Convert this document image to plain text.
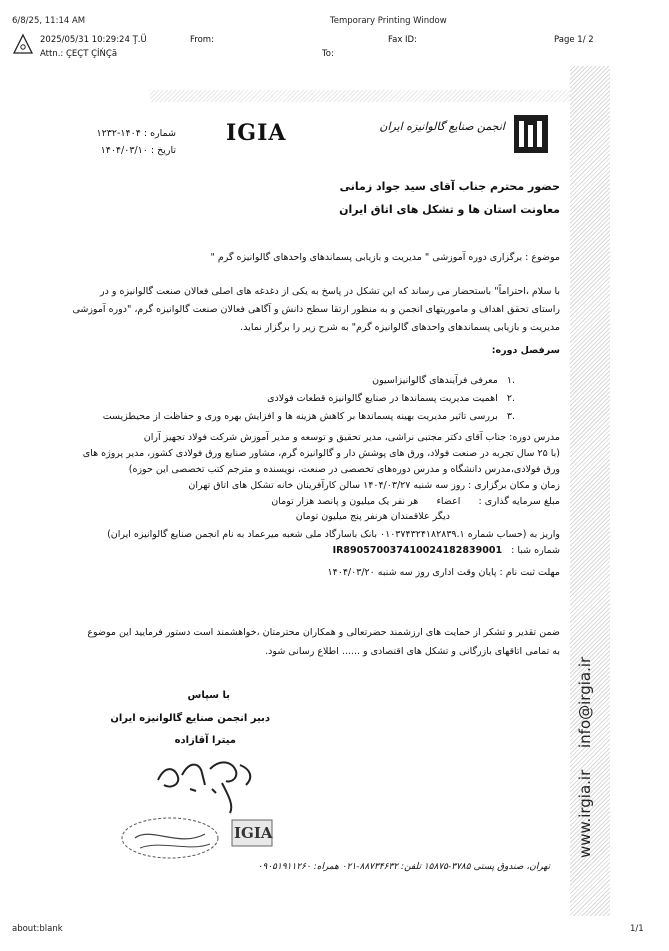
6/8/25, 11:14 AM	Temporary Printing Window
2025/05/31 10:29:24 Ţ.Ü	From:	Fax ID:	Page 1/ 2
Attn.: ÇEÇT ÇİŃÇă	To:
info@irgia.ir
www.irgia.ir
انجمن صنایع گالوانیزه ایران
IGIA
شماره : ۱۴۰۴-۱۲۳۲
تاریخ : ۱۴۰۴/۰۳/۱۰
حضور محترم جناب آقای سید جواد زمانی
معاونت استان ها و تشکل های اتاق ایران
موضوع : برگزاری دوره آموزشی " مدیریت و بازیابی پسماندهای واحدهای گالوانیزه گرم "
با سلام ،احتراماً" باستحضار می رساند که این تشکل در پاسخ به یکی از دغدغه های اصلی فعالان صنعت گالوانیزه و در
راستای تحقق اهداف و ماموریتهای انجمن و به منظور ارتقا سطح دانش و آگاهی فعالان صنعت گالوانیزه گرم، "دوره آموزشی
مدیریت و بازیابی پسماندهای واحدهای گالوانیزه گرم" به شرح زیر را برگزار نماید.
سرفصل دوره:
.۱   معرفی فرآیندهای گالوانیزاسیون
.۲   اهمیت مدیریت پسماندها در صنایع گالوانیزه قطعات فولادی
.۳   بررسی تاثیر مدیریت بهینه پسماندها بر کاهش هزینه ها و افزایش بهره وری و حفاظت از محیطزیست
مدرس دوره: جناب آقای دکتر مجتبی نراشی، مدیر تحقیق و توسعه و مدیر آموزش شرکت فولاد تجهیز آران
(با ۲۵ سال تجربه در صنعت فولاد، ورق های پوشش دار و گالوانیزه گرم، مشاور صنایع ورق فولادی کشور، مدیر پروژه های
ورق فولادی،مدرس دانشگاه و مدرس دوره‌های تخصصی در صنعت، نویسنده و مترجم کتب تخصصی این حوزه)
زمان و مکان برگزاری : روز سه شنبه ۱۴۰۴/۰۳/۲۷ سالن کارآفرینان خانه تشکل های اتاق تهران
مبلغ سرمایه گذاری :      اعضاء      هر نفر یک میلیون و پانصد هزار تومان
دیگر علاقمندان هرنفر پنج میلیون تومان
واریز به (حساب شماره ۰۱۰۳۷۴۳۲۴۱۸۲۸۳۹.۱ بانک باسارگاد ملی شعبه میرعماد به نام انجمن صنایع گالوانیزه ایران)
شماره شبا :   IR890570037410024182839001
مهلت ثبت نام : پایان وقت اداری روز سه شنبه ۱۴۰۴/۰۳/۲۰
ضمن تقدیر و تشکر از حمایت های ارزشمند حضرتعالی و همکاران محترمتان ،خواهشمند است دستور فرمایید این موضوع
به تمامی اتاقهای بازرگانی و تشکل های اقتصادی و ...... اطلاع رسانی شود.
با سپاس
دبیر انجمن صنایع گالوانیزه ایران
میترا آقازاده
IGIA
تهران، صندوق پستی ۳۷۸۵-۱۵۸۷۵ تلفن: ۸۸۷۳۴۶۳۲-۰۲۱ همراه: ۰۹۰۵۱۹۱۱۲۶۰
about:blank	1/1
